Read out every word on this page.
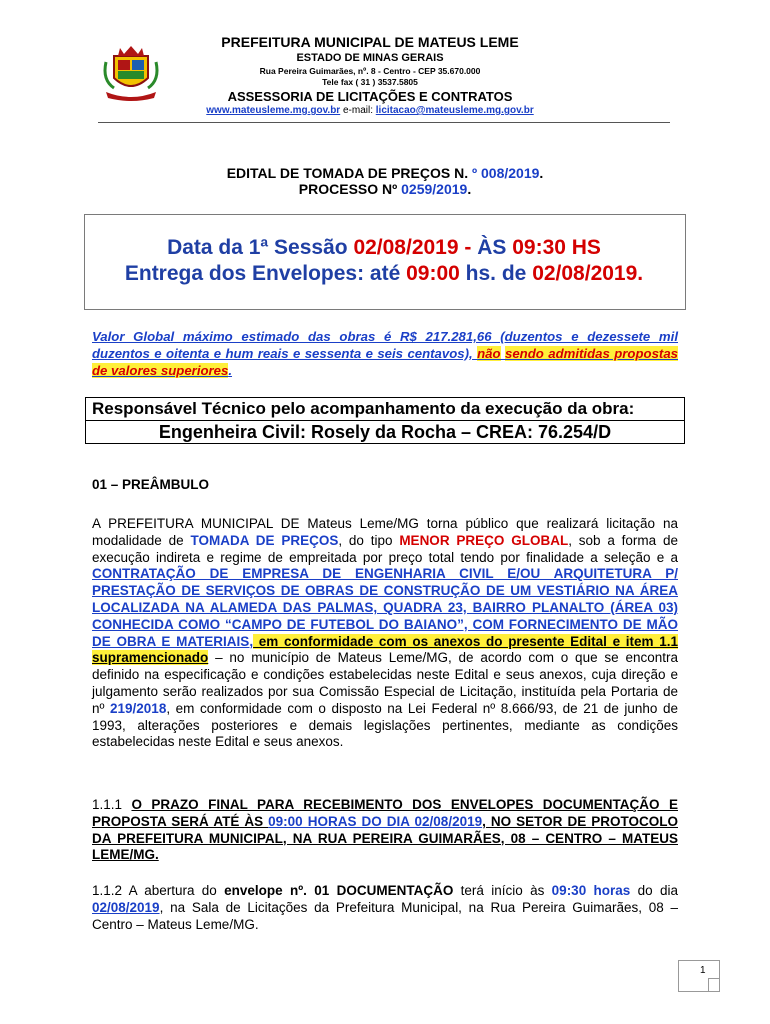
PREFEITURA MUNICIPAL DE MATEUS LEME
ESTADO DE MINAS GERAIS
Rua Pereira Guimarães, nº. 8 - Centro - CEP 35.670.000
Tele fax ( 31 ) 3537.5805
ASSESSORIA DE LICITAÇÕES E CONTRATOS
www.mateusleme.mg.gov.br e-mail: licitacao@mateusleme.mg.gov.br
EDITAL DE TOMADA DE PREÇOS N. º 008/2019.
PROCESSO Nº 0259/2019.
Data da 1ª Sessão 02/08/2019 - ÀS 09:30 HS
Entrega dos Envelopes: até 09:00 hs. de 02/08/2019.
Valor Global máximo estimado das obras é R$ 217.281,66 (duzentos e dezessete mil duzentos e oitenta e hum reais e sessenta e seis centavos), não sendo admitidas propostas de valores superiores.
Responsável Técnico pelo acompanhamento da execução da obra:
Engenheira Civil: Rosely da Rocha – CREA: 76.254/D
01 – PREÂMBULO
A PREFEITURA MUNICIPAL DE Mateus Leme/MG torna público que realizará licitação na modalidade de TOMADA DE PREÇOS, do tipo MENOR PREÇO GLOBAL, sob a forma de execução indireta e regime de empreitada por preço total tendo por finalidade a seleção e a CONTRATAÇÃO DE EMPRESA DE ENGENHARIA CIVIL E/OU ARQUITETURA P/ PRESTAÇÃO DE SERVIÇOS DE OBRAS DE CONSTRUÇÃO DE UM VESTIÁRIO NA ÁREA LOCALIZADA NA ALAMEDA DAS PALMAS, QUADRA 23, BAIRRO PLANALTO (ÁREA 03) CONHECIDA COMO “CAMPO DE FUTEBOL DO BAIANO”, COM FORNECIMENTO DE MÃO DE OBRA E MATERIAIS, em conformidade com os anexos do presente Edital e item 1.1 supramencionado – no município de Mateus Leme/MG, de acordo com o que se encontra definido na especificação e condições estabelecidas neste Edital e seus anexos, cuja direção e julgamento serão realizados por sua Comissão Especial de Licitação, instituída pela Portaria de nº 219/2018, em conformidade com o disposto na Lei Federal nº 8.666/93, de 21 de junho de 1993, alterações posteriores e demais legislações pertinentes, mediante as condições estabelecidas neste Edital e seus anexos.
1.1.1 O PRAZO FINAL PARA RECEBIMENTO DOS ENVELOPES DOCUMENTAÇÃO E PROPOSTA SERÁ ATÉ ÀS 09:00 HORAS DO DIA 02/08/2019, NO SETOR DE PROTOCOLO DA PREFEITURA MUNICIPAL, NA RUA PEREIRA GUIMARÃES, 08 – CENTRO – MATEUS LEME/MG.
1.1.2 A abertura do envelope nº. 01 DOCUMENTAÇÃO terá início às 09:30 horas do dia 02/08/2019, na Sala de Licitações da Prefeitura Municipal, na Rua Pereira Guimarães, 08 – Centro – Mateus Leme/MG.
1
